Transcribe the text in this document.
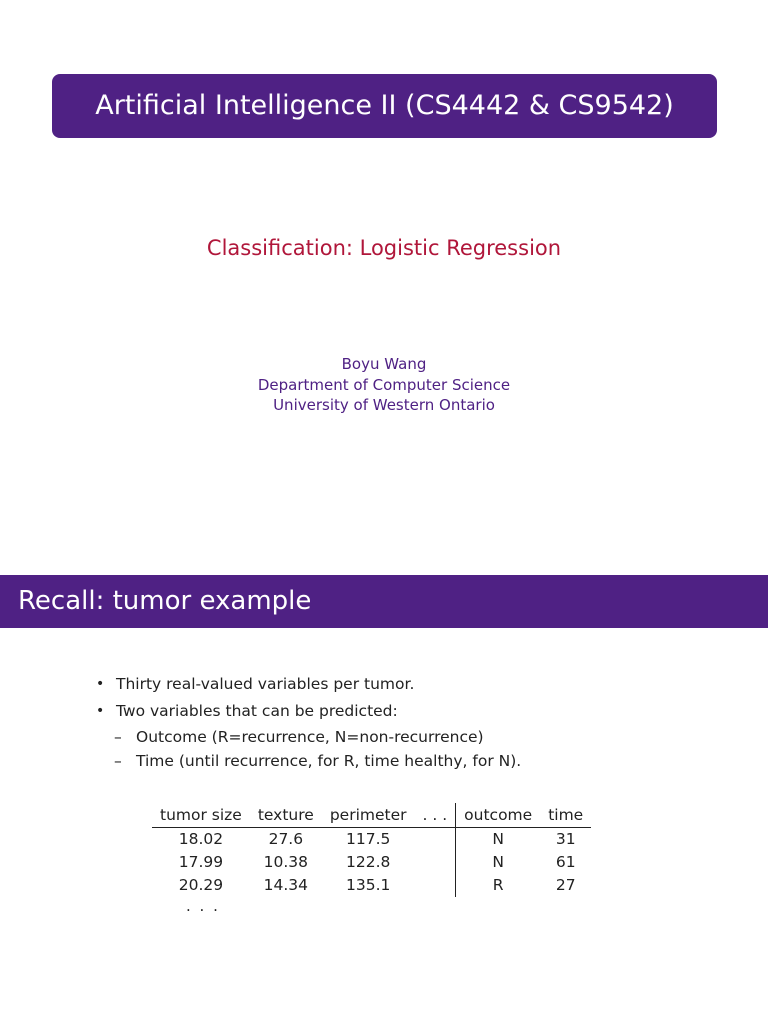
Artificial Intelligence II (CS4442 & CS9542)
Classification: Logistic Regression
Boyu Wang
Department of Computer Science
University of Western Ontario
Recall: tumor example
• Thirty real-valued variables per tumor.
• Two variables that can be predicted:
– Outcome (R=recurrence, N=non-recurrence)
– Time (until recurrence, for R, time healthy, for N).
tumor size	texture	perimeter	. . .	outcome	time
18.02	27.6	117.5		N	31
17.99	10.38	122.8		N	61
20.29	14.34	135.1		R	27
. . .
